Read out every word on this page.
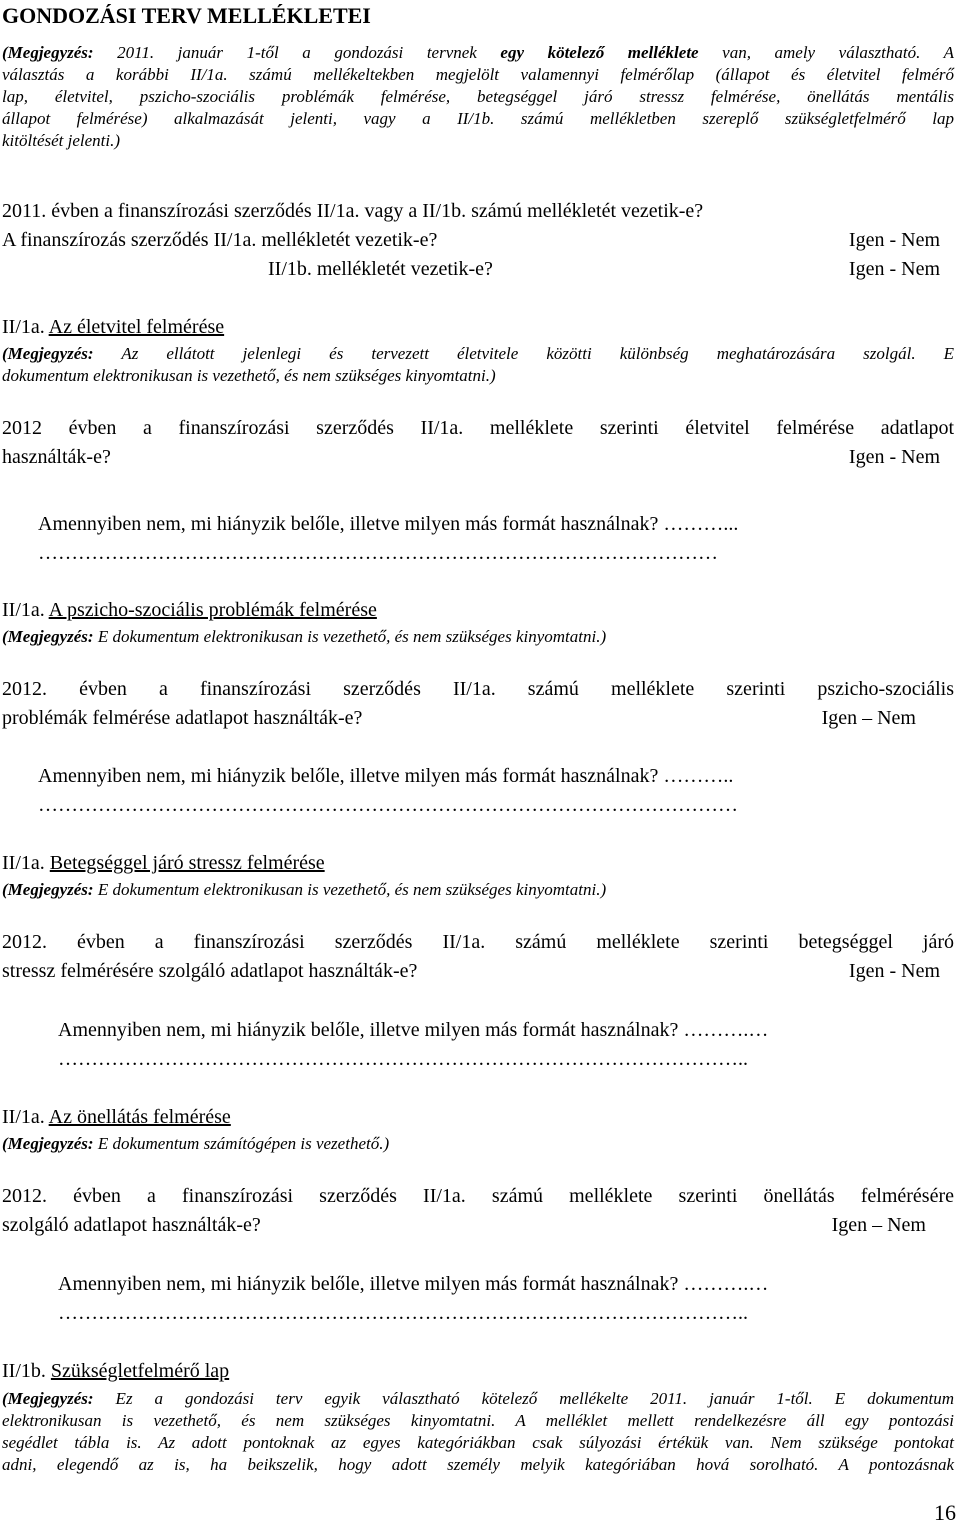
GONDOZÁSI TERV MELLÉKLETEI
(Megjegyzés: 2011. január 1-től a gondozási tervnek egy kötelező melléklete van, amely választható. A
választás a korábbi II/1a. számú mellékeltekben megjelölt valamennyi felmérőlap (állapot és életvitel felmérő
lap, életvitel, pszicho-szociális problémák felmérése, betegséggel járó stressz felmérése, önellátás mentális
állapot felmérése) alkalmazását jelenti, vagy a II/1b. számú mellékletben szereplő szükségletfelmérő lap
kitöltését jelenti.)
2011. évben a finanszírozási szerződés II/1a. vagy a II/1b. számú mellékletét vezetik-e?
A finanszírozás szerződés II/1a. mellékletét vezetik-e?	Igen - Nem
II/1b. mellékletét vezetik-e?	Igen - Nem
II/1a. Az életvitel felmérése
(Megjegyzés: Az ellátott jelenlegi és tervezett életvitele közötti különbség meghatározására szolgál. E
dokumentum elektronikusan is vezethető, és nem szükséges kinyomtatni.)
2012 évben a finanszírozási szerződés II/1a. melléklete szerinti életvitel felmérése adatlapot
használták-e?	Igen - Nem
Amennyiben nem, mi hiányzik belőle, illetve milyen más formát használnak? ………...
…………………………………………………………………………………………
II/1a. A pszicho-szociális problémák felmérése
(Megjegyzés: E dokumentum elektronikusan is vezethető, és nem szükséges kinyomtatni.)
2012. évben a finanszírozási szerződés II/1a. számú melléklete szerinti pszicho-szociális
problémák felmérése adatlapot használták-e?	Igen – Nem
Amennyiben nem, mi hiányzik belőle, illetve milyen más formát használnak? ………..
……………………………………………………………………………………………
II/1a. Betegséggel járó stressz felmérése
(Megjegyzés: E dokumentum elektronikusan is vezethető, és nem szükséges kinyomtatni.)
2012. évben a finanszírozási szerződés II/1a. számú melléklete szerinti betegséggel járó
stressz felmérésére szolgáló adatlapot használták-e?	Igen - Nem
Amennyiben nem, mi hiányzik belőle, illetve milyen más formát használnak? ……….…
…………………………………………………………………………………………..
II/1a. Az önellátás felmérése
(Megjegyzés: E dokumentum számítógépen is vezethető.)
2012. évben a finanszírozási szerződés II/1a. számú melléklete szerinti önellátás felmérésére
szolgáló adatlapot használták-e?	Igen – Nem
Amennyiben nem, mi hiányzik belőle, illetve milyen más formát használnak? ……….…
…………………………………………………………………………………………..
II/1b. Szükségletfelmérő lap
(Megjegyzés: Ez a gondozási terv egyik választható kötelező mellékelte 2011. január 1-től. E dokumentum
elektronikusan is vezethető, és nem szükséges kinyomtatni. A melléklet mellett rendelkezésre áll egy pontozási
segédlet tábla is. Az adott pontoknak az egyes kategóriákban csak súlyozási értékük van. Nem szüksége pontokat
adni, elegendő az is, ha beikszelik, hogy adott személy melyik kategóriában hová sorolható. A pontozásnak
16
